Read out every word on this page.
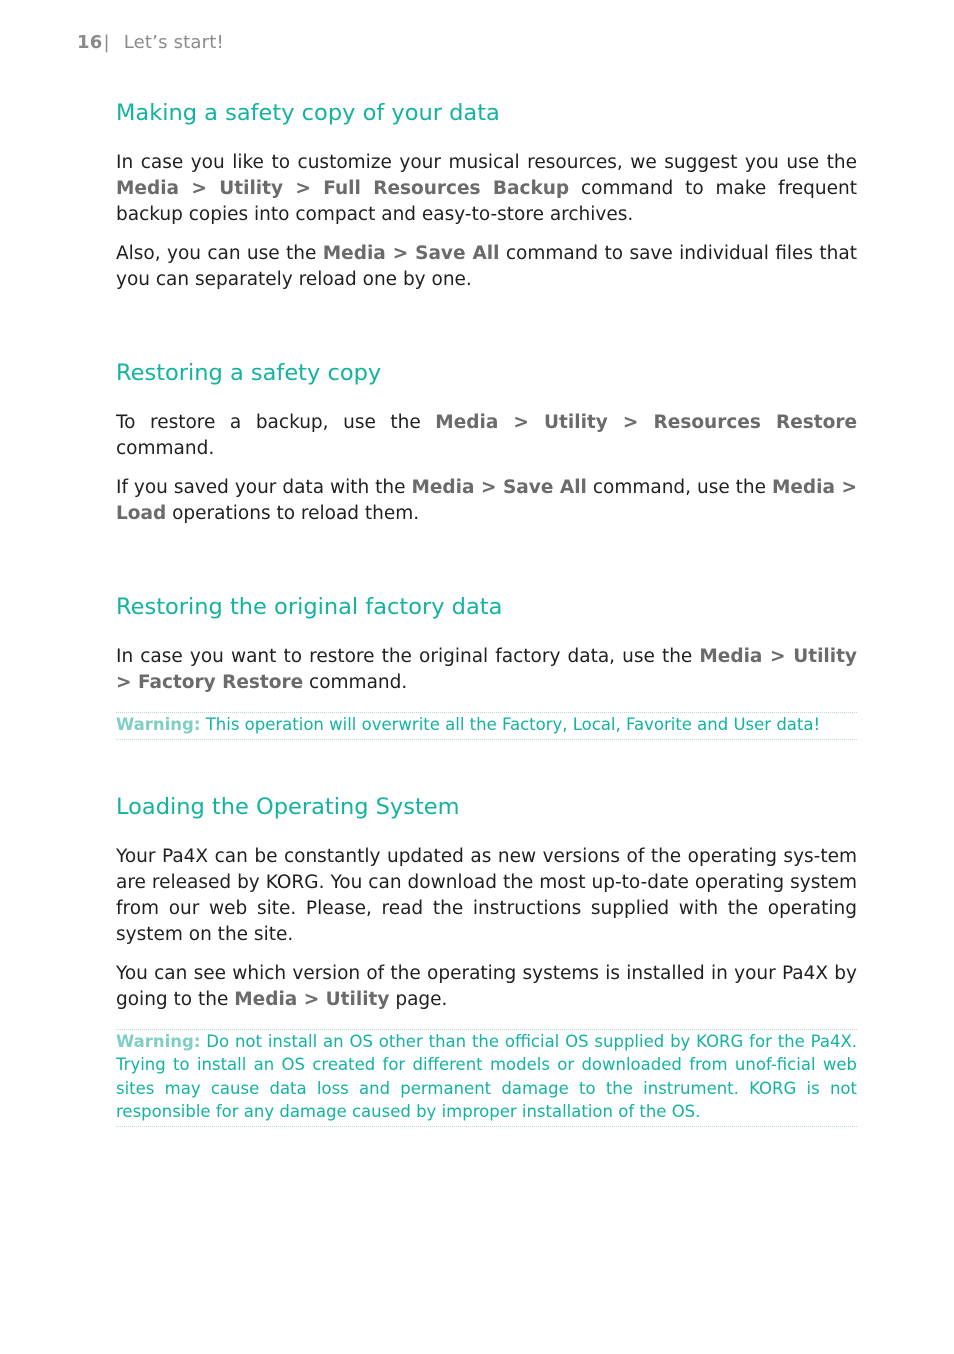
16| Let’s start!
Making a safety copy of your data

In case you like to customize your musical resources, we suggest you use the Media > Utility > Full Resources Backup command to make frequent backup copies into compact and easy-to-store archives.

Also, you can use the Media > Save All command to save individual files that you can separately reload one by one.

Restoring a safety copy

To restore a backup, use the Media > Utility > Resources Restore command.

If you saved your data with the Media > Save All command, use the Media > Load operations to reload them.

Restoring the original factory data

In case you want to restore the original factory data, use the Media > Utility > Factory Restore command.

Warning: This operation will overwrite all the Factory, Local, Favorite and User data!
Loading the Operating System

Your Pa4X can be constantly updated as new versions of the operating sys-tem are released by KORG. You can download the most up-to-date operating system from our web site. Please, read the instructions supplied with the operating system on the site.

You can see which version of the operating systems is installed in your Pa4X by going to the Media > Utility page.

Warning: Do not install an OS other than the official OS supplied by KORG for the Pa4X. Trying to install an OS created for different models or downloaded from unof-ficial web sites may cause data loss and permanent damage to the instrument. KORG is not responsible for any damage caused by improper installation of the OS.
